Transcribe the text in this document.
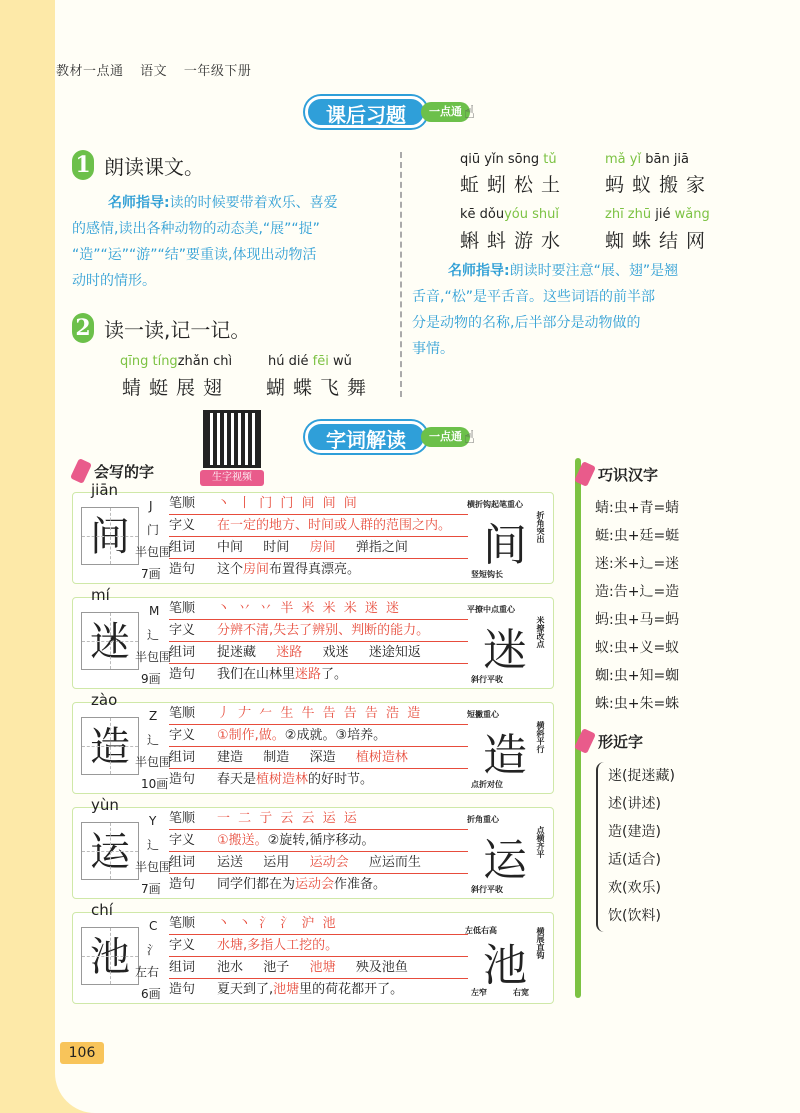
教材一点通 语文 一年级下册
课后习题	一点通 ☝
1 朗读课文。
名师指导:读的时候要带着欢乐、喜爱
的感情,读出各种动物的动态美,“展”“捉”
“造”“运”“游”“结”要重读,体现出动物活
动时的情形。
2 读一读,记一记。
qīng tíngzhǎn chì	hú dié fēi wǔ
蜻蜓展翅 蝴蝶飞舞
qiū yǐn sōng tǔ	mǎ yǐ bān jiā
蚯蚓松土 蚂蚁搬家
kē dǒuyóu shuǐ	zhī zhū jié wǎng
蝌蚪游水 蜘蛛结网
名师指导:朗读时要注意“展、翅”是翘
舌音,“松”是平舌音。这些词语的前半部
分是动物的名称,后半部分是动物做的
事情。
生字视频
字词解读	一点通 ☝
会写的字
jiān
间
J
门
半包围
7画
笔顺	丶 丨 门 门 间 间 间
字义	在一定的地方、时间或人群的范围之内。
组词	中间 时间 房间 弹指之间
造句	这个房间布置得真漂亮。	间
横折钩起笔重心
折角突出
竖短钩长
mí
迷
M
辶
半包围
9画
笔顺	丶 丷 丷 半 米 米 米 迷 迷
字义	分辨不清,失去了辨别、判断的能力。
组词	捉迷藏 迷路 戏迷 迷途知返
造句	我们在山林里迷路了。	迷
平撩中点重心
米撩改点
斜行平收
zào
造
Z
辶
半包围
10画
笔顺	丿 𠂇 𠂉 生 牛 告 告 告 浩 造
字义	①制作,做。②成就。③培养。
组词	建造 制造 深造 植树造林
造句	春天是植树造林的好时节。	造
短撇重心
横斜平行
点折对位
yùn
运
Y
辶
半包围
7画
笔顺	一 二 亍 云 云 运 运
字义	①搬送。②旋转,循序移动。
组词	运送 运用 运动会 应运而生
造句	同学们都在为运动会作准备。	运
折角重心
点横齐平
斜行平收
chí
池
C
氵
左右
6画
笔顺	丶 丶 氵 氵 沪 池
字义	水塘,多指人工挖的。
组词	池水 池子 池塘 殃及池鱼
造句	夏天到了,池塘里的荷花都开了。	池
左低右高	横展直钩
左窄	右宽
巧识汉字
蜻:虫+青=蜻
蜓:虫+廷=蜓
迷:米+辶=迷
造:告+辶=造
蚂:虫+马=蚂
蚁:虫+义=蚁
蜘:虫+知=蜘
蛛:虫+朱=蛛
形近字
迷(捉迷藏)
述(讲述)
造(建造)
适(适合)
欢(欢乐)
饮(饮料)
106
